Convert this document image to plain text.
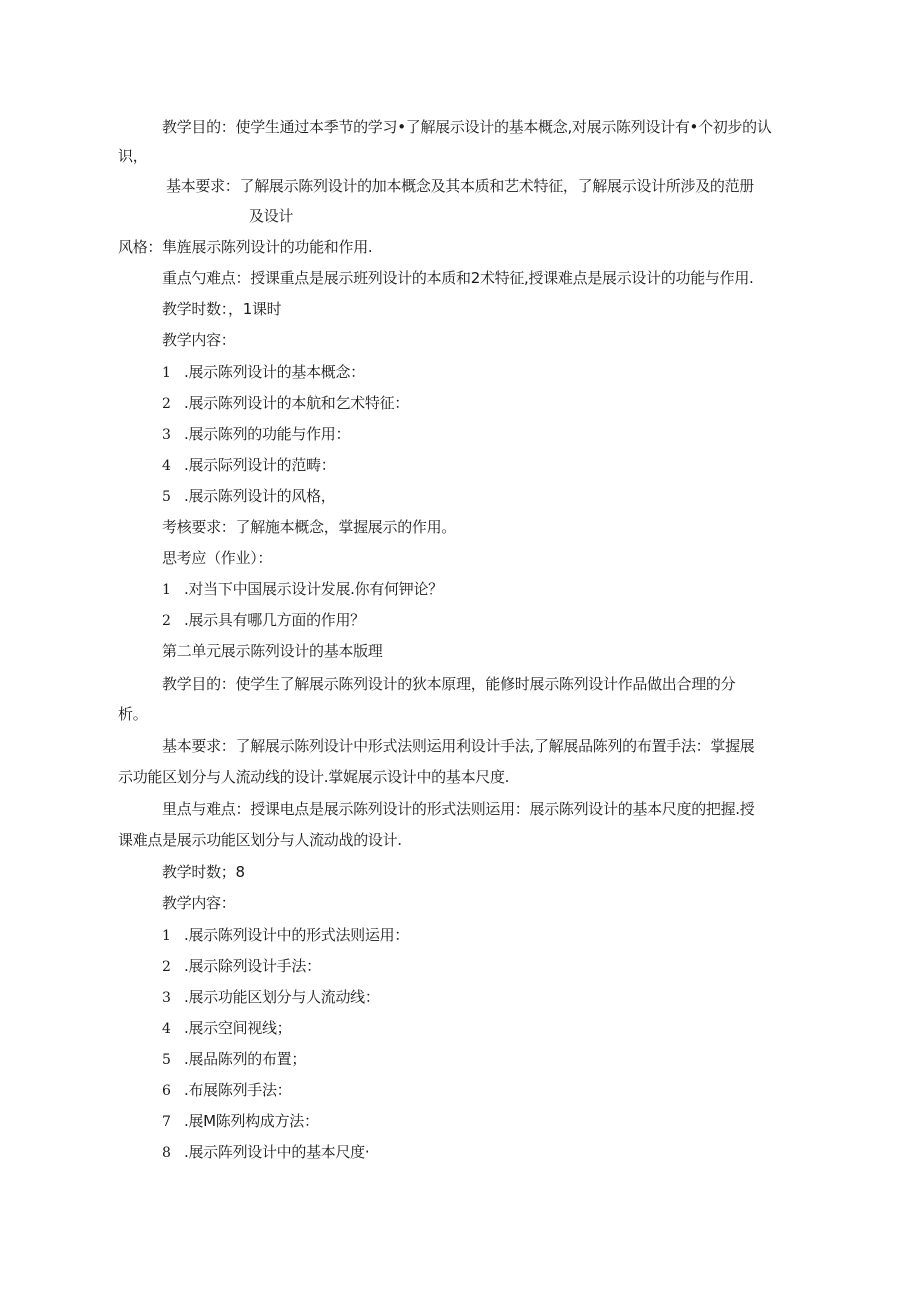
教学目的：使学生通过本季节的学习•了解展示设计的基本概念,对展示陈列设计有•个初步的认
识，
基本要求：了解展示陈列设计的加本概念及其本质和艺术特征，了解展示设计所涉及的范册
及设计
风格：隼旌展示陈列设计的功能和作用.
重点勺难点：授课重点是展示班列设计的本质和2术特征,授课难点是展示设计的功能与作用.
教学时数：，1课时
教学内容：
1 .展示陈列设计的基本概念：
2 .展示陈列设计的本航和乞术特征：
3 .展示陈列的功能与作用：
4 .展示际列设计的范畴：
5 .展示陈列设计的风格，
考核要求：了解施本概念，掌握展示的作用。
思考应（作业）：
1 .对当下中国展示设计发展.你有何钾论？
2 .展示具有哪几方面的作用？
第二单元展示陈列设计的基本版理
教学目的：使学生了解展示陈列设计的狄本原理，能修时展示陈列设计作品做出合理的分
析。
基本要求：了解展示陈列设计中形式法则运用利设计手法,了解展品陈列的布置手法：掌握展
示功能区划分与人流动线的设计.掌娓展示设计中的基本尺度.
里点与难点：授课电点是展示陈列设计的形式法则运用：展示陈列设计的基本尺度的把握.授
课难点是展示功能区划分与人流动战的设计.
教学时数；8
教学内容：
1 .展示陈列设计中的形式法则运用：
2 .展示除列设计手法：
3 .展示功能区划分与人流动线：
4 .展示空间视线；
5 .展品陈列的布置；
6 .布展陈列手法：
7 .展M陈列构成方法：
8 .展示阵列设计中的基本尺度·
